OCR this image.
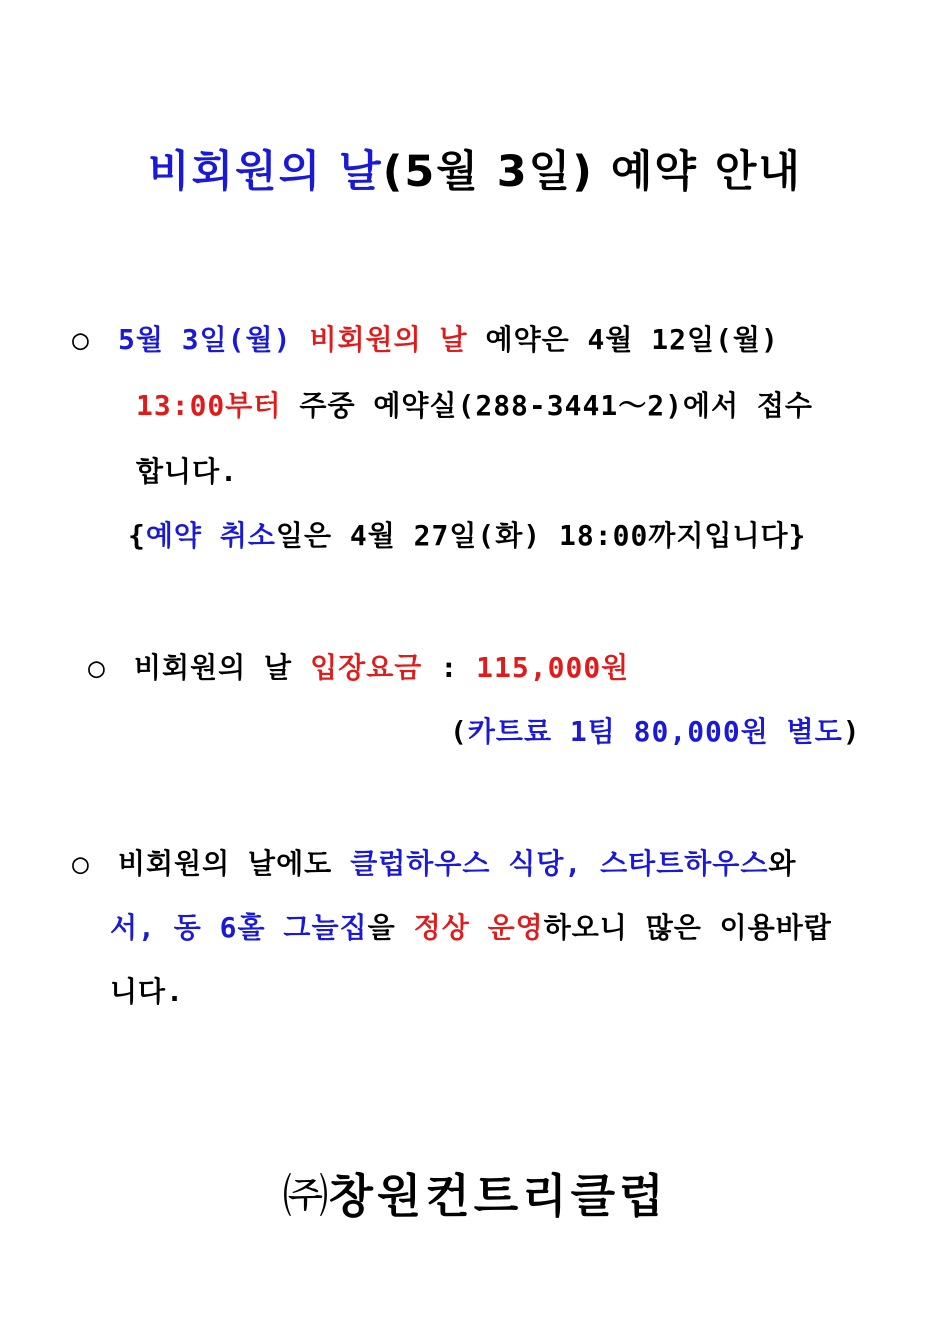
비회원의 날(5월 3일) 예약 안내
○ 5월 3일(월) 비회원의 날 예약은 4월 12일(월)
13:00부터 주중 예약실(288-3441～2)에서 접수
합니다.
{예약 취소일은 4월 27일(화) 18:00까지입니다}
○ 비회원의 날 입장요금 : 115,000원
(카트료 1팀 80,000원 별도)
○ 비회원의 날에도 클럽하우스 식당, 스타트하우스와
서, 동 6홀 그늘집을 정상 운영하오니 많은 이용바랍
니다.
㈜창원컨트리클럽
